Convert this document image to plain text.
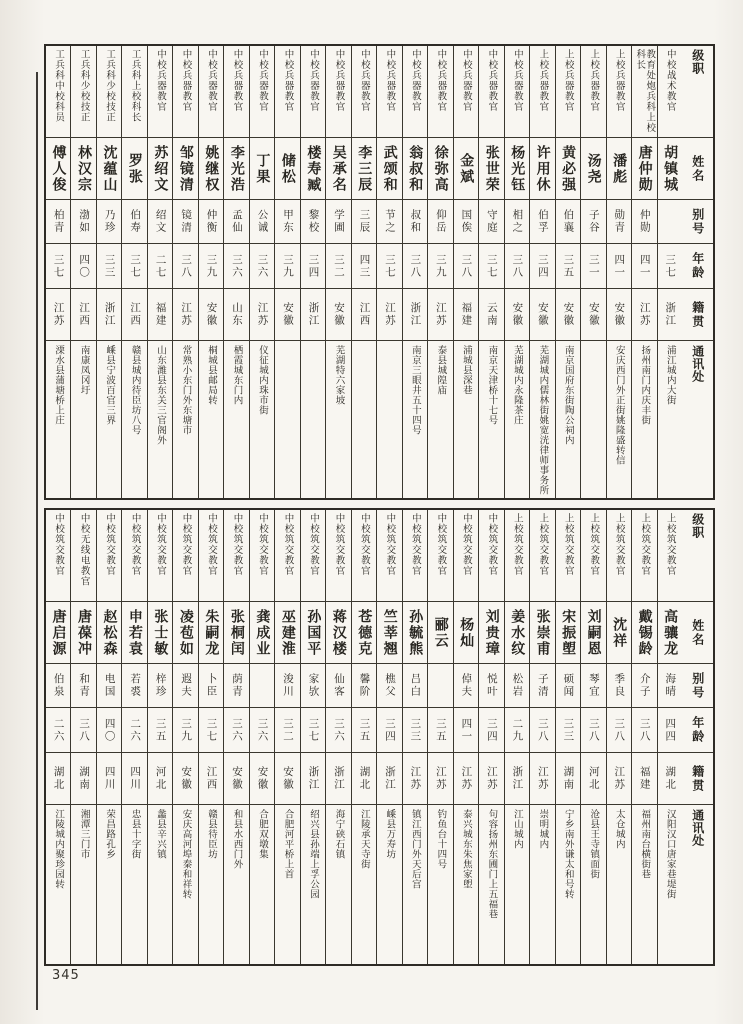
级职
姓名
别号
年龄
籍贯
通讯处
中校战术教官
胡镇城
三七
浙江
浦江城内大街
教育处炮兵科上校科长
唐仲勋
仲勋
四一
江苏
扬州南门内庆丰街
上校兵器教官
潘彪
勋青
四一
安徽
安庆西门外正街姚隆盛转信
上校兵器教官
汤尧
子谷
三一
安徽
上校兵器教官
黄必强
伯襄
三五
安徽
南京国府东街陶公祠内
上校兵器教官
许用休
伯孚
三四
安徽
芜湖城内儒林街姚宽洸律师事务所
中校兵器教官
杨光钰
相之
三八
安徽
芜湖城内永隆茶庄
中校兵器教官
张世荣
守庭
三七
云南
南京天津桥十七号
中校兵器教官
金斌
国俟
三八
福建
浦城县深巷
中校兵器教官
徐弥高
仰岳
三九
江苏
泰县城隍庙
中校兵器教官
翁叔和
叔和
三八
浙江
南京三眼井五十四号
中校兵器教官
武颂和
节之
三七
江苏
中校兵器教官
李三辰
三辰
四三
江西
中校兵器教官
吴承名
学圃
三二
安徽
芜湖特六家坡
中校兵器教官
楼寿臧
黎校
三四
浙江
中校兵器教官
储松
甲东
三九
安徽
中校兵器教官
丁果
公诚
三六
江苏
仪征城内珠市街
中校兵器教官
李光浩
孟仙
三六
山东
栖霞城东门内
中校兵器教官
姚继权
仲衡
三九
安徽
桐城县邮局转
中校兵器教官
邹镜清
镜清
三八
江苏
常熟小东门外东塘市
中校兵器教官
苏绍文
绍文
二七
福建
山东潍县东关三官阁外
工兵科上校科长
罗张
伯寿
三七
江西
赣县城内待臣坊八号
工兵科少校技正
沈蕴山
乃珍
三三
浙江
嵊县宁波百官三界
工兵科少校技正
林汉宗
渤如
四〇
江西
南康凤冈圩
工兵科中校科员
傅人俊
柏青
三七
江苏
溧水县蒲塘桥上庄
级职
姓名
别号
年龄
籍贯
通讯处
上校筑交教官
高骧龙
海晴
四四
湖北
汉阳汉口唐家巷堤街
上校筑交教官
戴锡龄
介子
三八
福建
福州南台横街巷
上校筑交教官
沈祥
季良
三八
江苏
太仓城内
上校筑交教官
刘嗣恩
琴宜
三八
河北
沧县王寺镇面街
上校筑交教官
宋振塱
硕闻
三三
湖南
宁乡南外谦太和号转
上校筑交教官
张崇甫
子清
三八
江苏
崇明城内
上校筑交教官
姜水纹
松岩
二九
浙江
江山城内
中校筑交教官
刘贵璋
悦叶
三四
江苏
句容扬州东圃门上五福巷
中校筑交教官
杨灿
倬夫
四一
江苏
泰兴城东朱焦家塱
中校筑交教官
郦云
三五
江苏
钓鱼台十四号
中校筑交教官
孙毓熊
吕白
三三
江苏
镇江西门外天后宫
中校筑交教官
竺莘翘
樵父
三四
浙江
嵊县万寿坊
中校筑交教官
苍德克
馨阶
三五
湖北
江陵承天寺街
中校筑交教官
蒋汉楼
仙客
三六
浙江
海宁硖石镇
中校筑交教官
孙国平
家欤
三七
浙江
绍兴县孙端上孚公园
中校筑交教官
巫建淮
浚川
三二
安徽
合肥河平桥上首
中校筑交教官
龚成业
三六
安徽
合肥双墩集
中校筑交教官
张桐闰
荫青
三六
安徽
和县水西门外
中校筑交教官
朱嗣龙
卜臣
三七
江西
赣县待臣坊
中校筑交教官
凌苞如
遐夫
三九
安徽
安庆高河埠秦和祥转
中校筑交教官
张士敏
梓珍
三五
河北
蠡县辛兴镇
中校筑交教官
申若袁
若裘
二六
四川
忠县十字街
中校筑交教官
赵松森
电国
四〇
四川
荣昌路孔乡
中校无线电教官
唐葆冲
和青
三八
湖南
湘潭三门市
中校筑交教官
唐启源
伯泉
二六
湖北
江陵城内聚珍园转
345
